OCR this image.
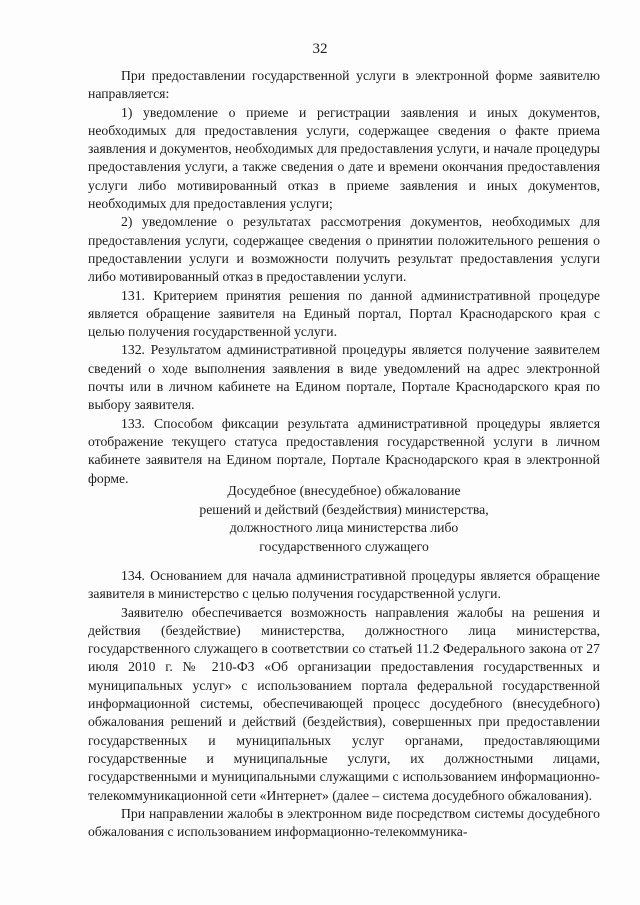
32

При предоставлении государственной услуги в электронной форме заявителю направляется:

1) уведомление о приеме и регистрации заявления и иных документов, необходимых для предоставления услуги, содержащее сведения о факте приема заявления и документов, необходимых для предоставления услуги, и начале процедуры предоставления услуги, а также сведения о дате и времени окончания предоставления услуги либо мотивированный отказ в приеме заявления и иных документов, необходимых для предоставления услуги;

2) уведомление о результатах рассмотрения документов, необходимых для предоставления услуги, содержащее сведения о принятии положительного решения о предоставлении услуги и возможности получить результат предоставления услуги либо мотивированный отказ в предоставлении услуги.

131. Критерием принятия решения по данной административной процедуре является обращение заявителя на Единый портал, Портал Краснодарского края с целью получения государственной услуги.

132. Результатом административной процедуры является получение заявителем сведений о ходе выполнения заявления в виде уведомлений на адрес электронной почты или в личном кабинете на Едином портале, Портале Краснодарского края по выбору заявителя.

133. Способом фиксации результата административной процедуры является отображение текущего статуса предоставления государственной услуги в личном кабинете заявителя на Едином портале, Портале Краснодарского края в электронной форме.

Досудебное (внесудебное) обжалование
решений и действий (бездействия) министерства,
должностного лица министерства либо
государственного служащего

134. Основанием для начала административной процедуры является обращение заявителя в министерство с целью получения государственной услуги.

Заявителю обеспечивается возможность направления жалобы на решения и действия (бездействие) министерства, должностного лица министерства, государственного служащего в соответствии со статьей 11.2 Федерального закона от 27 июля 2010 г. № 210-ФЗ «Об организации предоставления государственных и муниципальных услуг» с использованием портала федеральной государственной информационной системы, обеспечивающей процесс досудебного (внесудебного) обжалования решений и действий (бездействия), совершенных при предоставлении государственных и муниципальных услуг органами, предоставляющими государственные и муниципальные услуги, их должностными лицами, государственными и муниципальными служащими с использованием информационно-телекоммуникационной сети «Интернет» (далее – система досудебного обжалования).

При направлении жалобы в электронном виде посредством системы досудебного обжалования с использованием информационно-телекоммуника-
